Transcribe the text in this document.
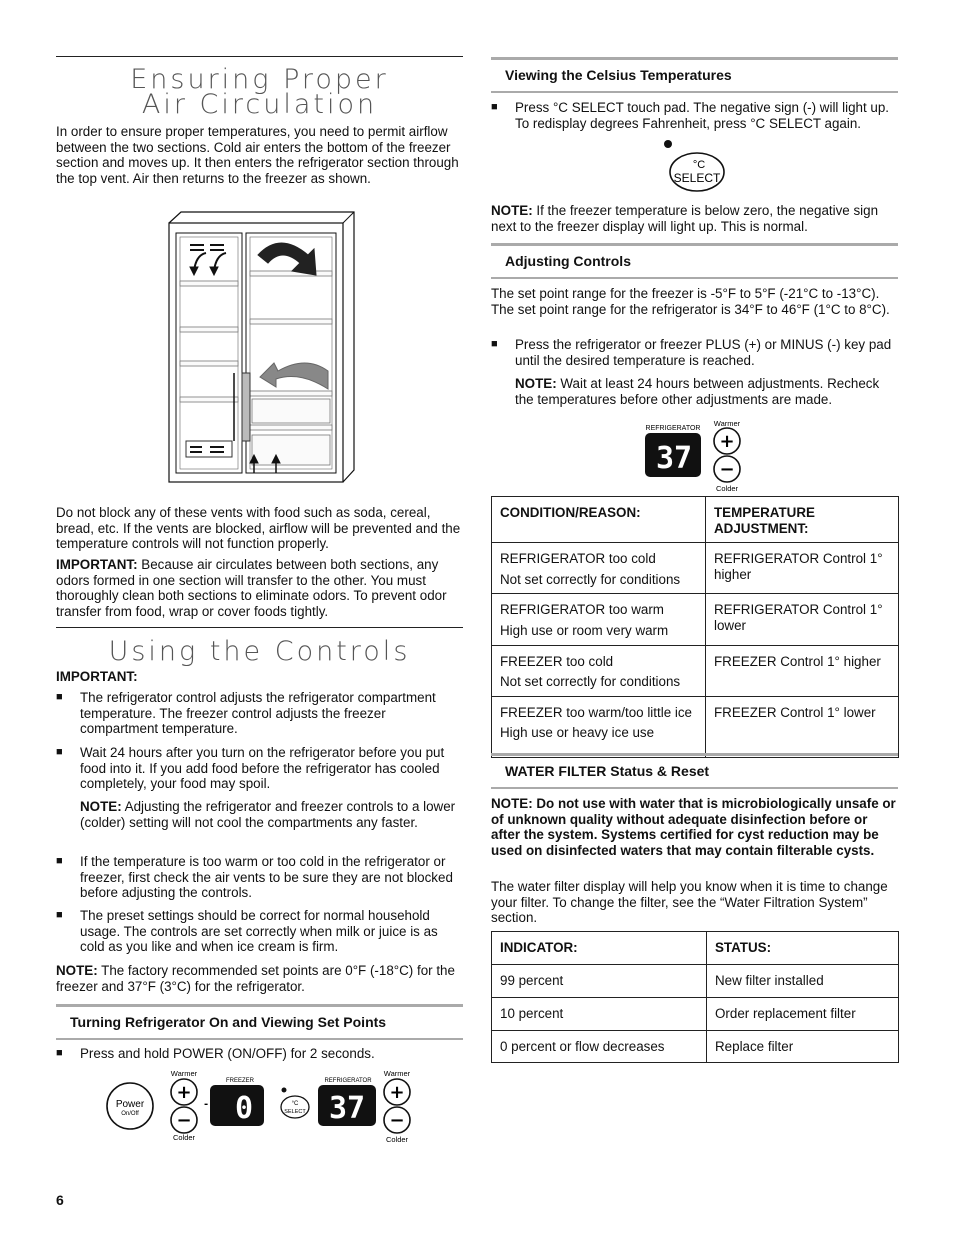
Ensuring Proper Air Circulation

In order to ensure proper temperatures, you need to permit airflow between the two sections. Cold air enters the bottom of the freezer section and moves up. It then enters the refrigerator section through the top vent. Air then returns to the freezer as shown.

Do not block any of these vents with food such as soda, cereal, bread, etc. If the vents are blocked, airflow will be prevented and the temperature controls will not function properly.

IMPORTANT: Because air circulates between both sections, any odors formed in one section will transfer to the other. You must thoroughly clean both sections to eliminate odors. To prevent odor transfer from food, wrap or cover foods tightly.

Using the Controls

IMPORTANT:

■ The refrigerator control adjusts the refrigerator compartment temperature. The freezer control adjusts the freezer compartment temperature.

■ Wait 24 hours after you turn on the refrigerator before you put food into it. If you add food before the refrigerator has cooled completely, your food may spoil.

NOTE: Adjusting the refrigerator and freezer controls to a lower (colder) setting will not cool the compartments any faster.

■ If the temperature is too warm or too cold in the refrigerator or freezer, first check the air vents to be sure they are not blocked before adjusting the controls.

■ The preset settings should be correct for normal household usage. The controls are set correctly when milk or juice is as cold as you like and when ice cream is firm.

NOTE: The factory recommended set points are 0°F (-18°C) for the freezer and 37°F (3°C) for the refrigerator.

Turning Refrigerator On and Viewing Set Points

■ Press and hold POWER (ON/OFF) for 2 seconds.

Power
On/Off
Warmer
+
−
Colder
-
FREEZER
0	°C
SELECT
REFRIGERATOR
37
Warmer
+
−
Colder
Viewing the Celsius Temperatures

■ Press °C SELECT touch pad. The negative sign (-) will light up. To redisplay degrees Fahrenheit, press °C SELECT again.

°C
SELECT

NOTE: If the freezer temperature is below zero, the negative sign next to the freezer display will light up. This is normal.

Adjusting Controls

The set point range for the freezer is -5°F to 5°F (-21°C to -13°C). The set point range for the refrigerator is 34°F to 46°F (1°C to 8°C).

■ Press the refrigerator or freezer PLUS (+) or MINUS (-) key pad until the desired temperature is reached.

NOTE: Wait at least 24 hours between adjustments. Recheck the temperatures before other adjustments are made.

REFRIGERATOR
37
Warmer
+
−
Colder
CONDITION/REASON:	TEMPERATURE ADJUSTMENT:

REFRIGERATOR too cold
Not set correctly for conditions	REFRIGERATOR Control 1° higher

REFRIGERATOR too warm
High use or room very warm	REFRIGERATOR Control 1° lower

FREEZER too cold
Not set correctly for conditions	FREEZER Control 1° higher

FREEZER too warm/too little ice
High use or heavy ice use	FREEZER Control 1° lower
WATER FILTER Status & Reset

NOTE: Do not use with water that is microbiologically unsafe or of unknown quality without adequate disinfection before or after the system. Systems certified for cyst reduction may be used on disinfected waters that may contain filterable cysts.

The water filter display will help you know when it is time to change your filter. To change the filter, see the “Water Filtration System” section.

INDICATOR:	STATUS:
99 percent	New filter installed
10 percent	Order replacement filter
0 percent or flow decreases	Replace filter
6
